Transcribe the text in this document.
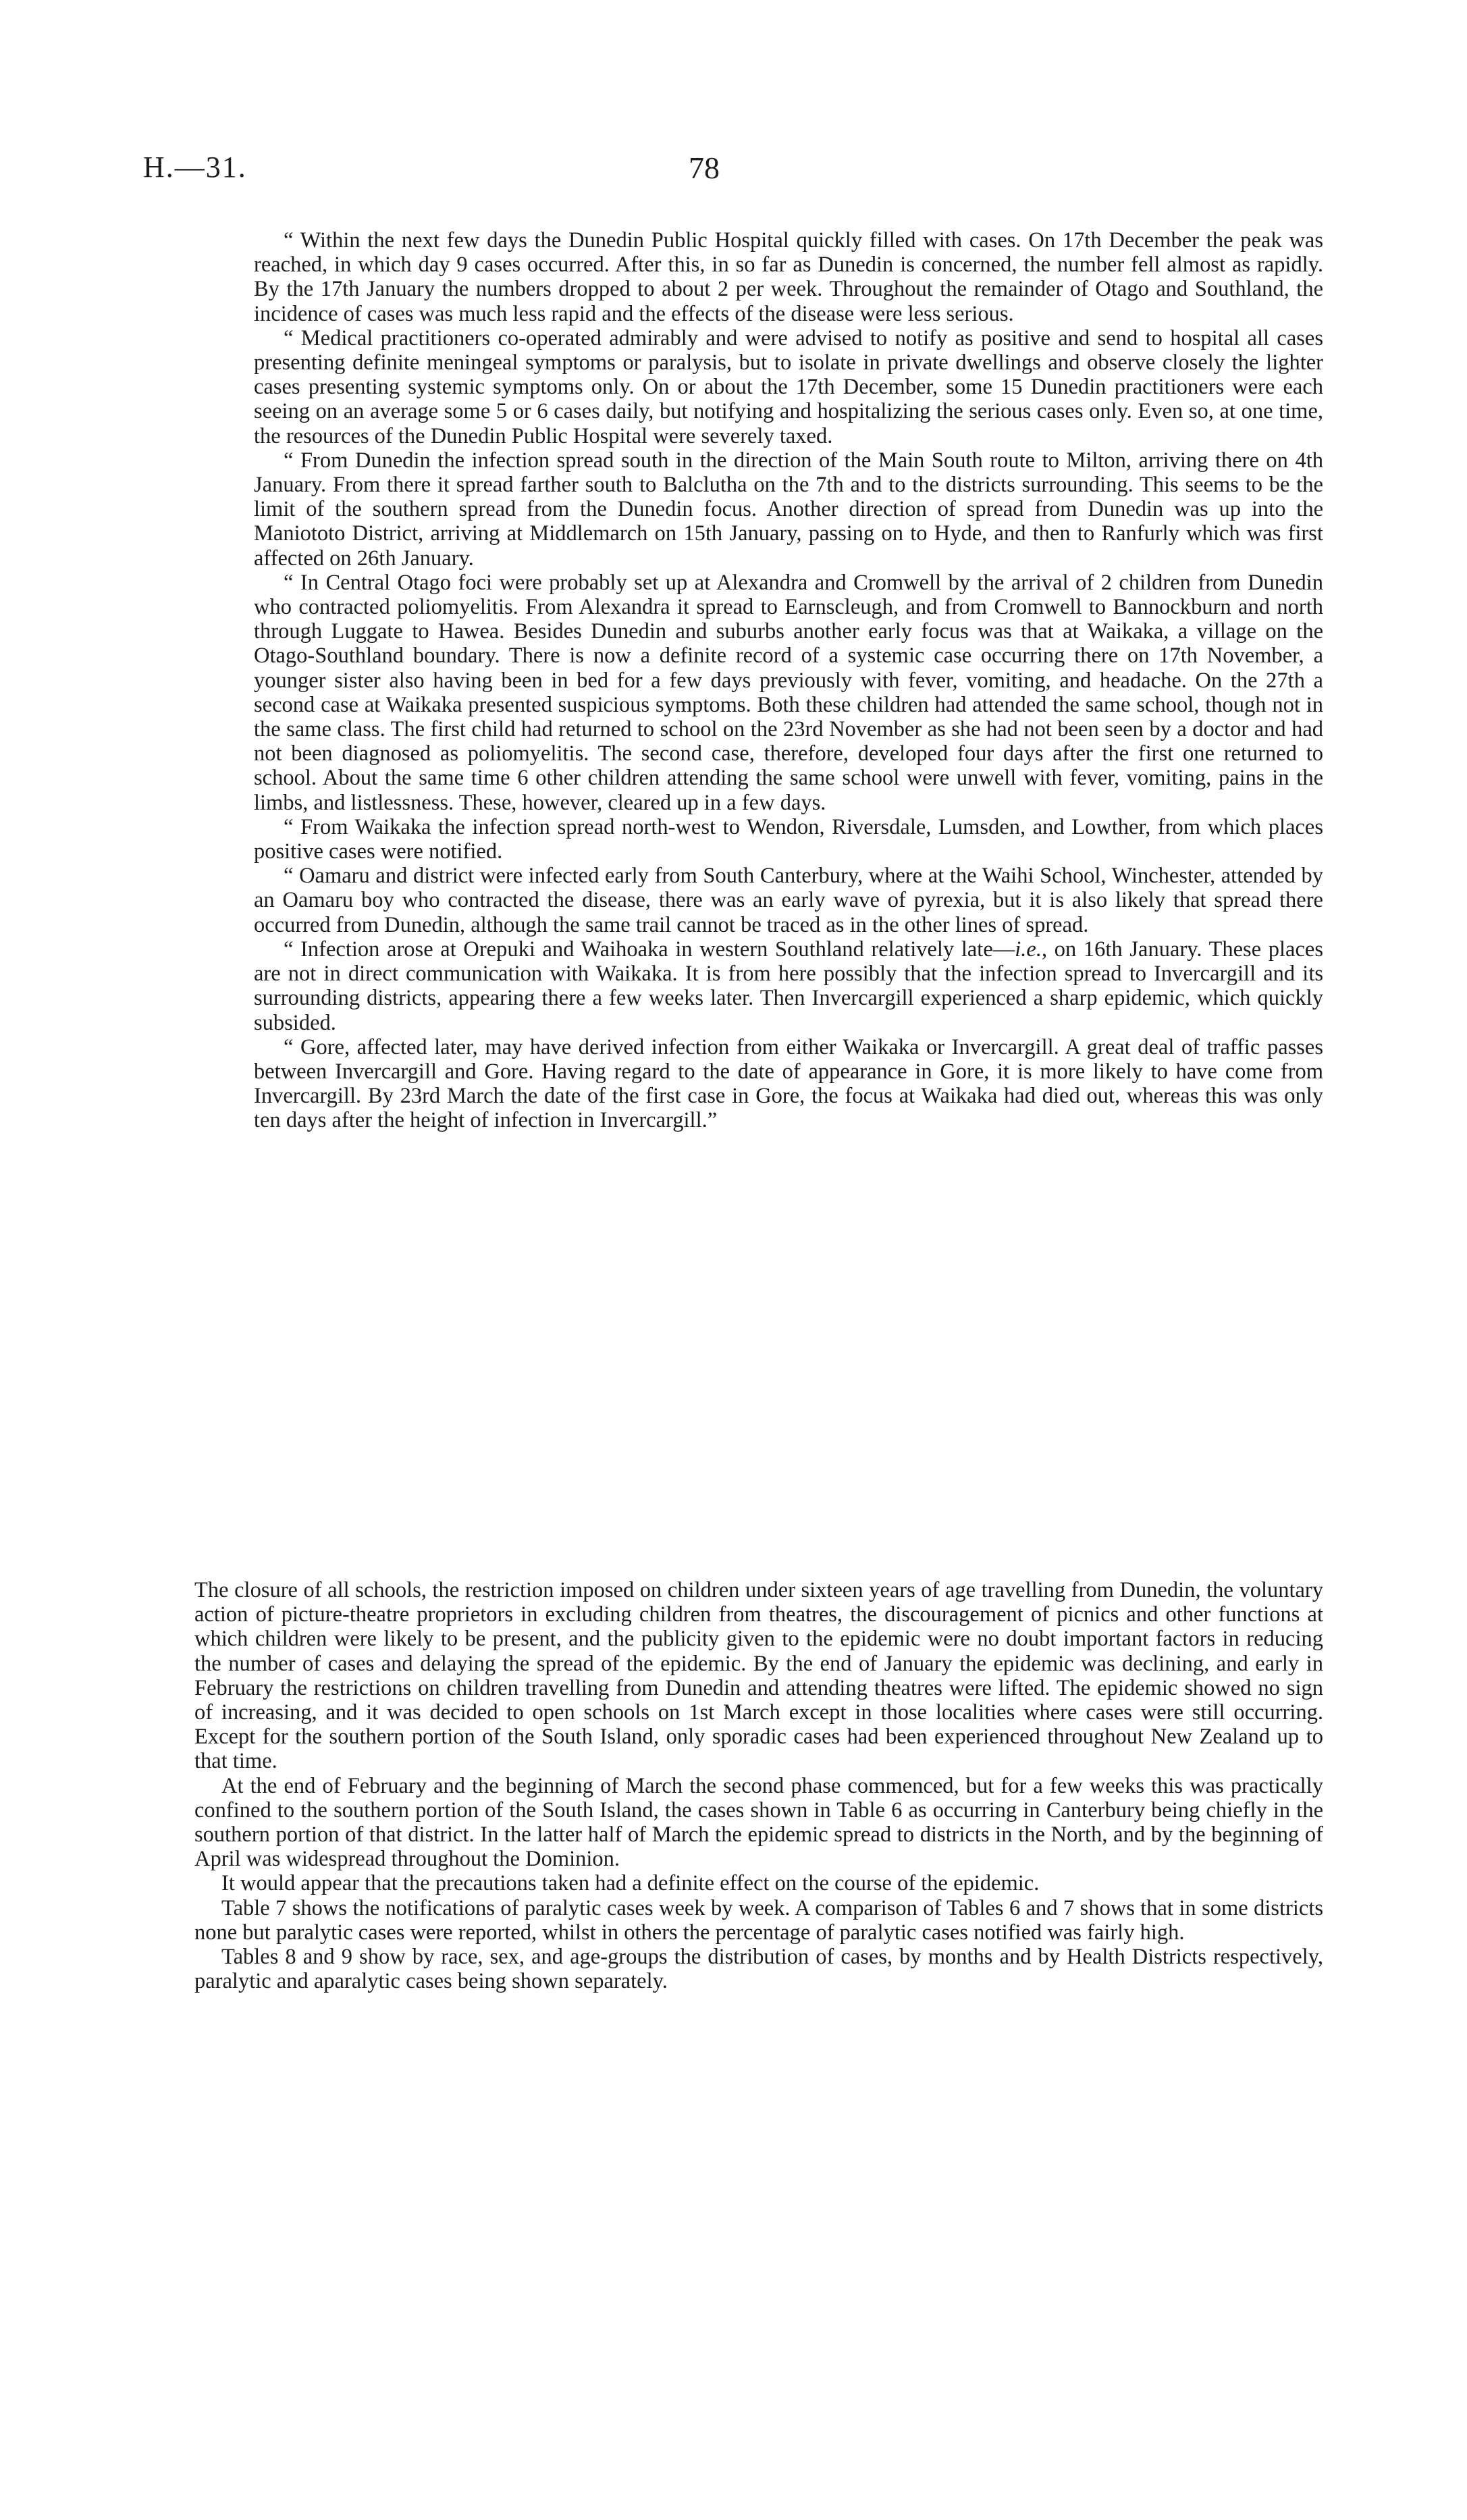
H.—31.	78

“ Within the next few days the Dunedin Public Hospital quickly filled with cases. On 17th December the peak was reached, in which day 9 cases occurred. After this, in so far as Dunedin is concerned, the number fell almost as rapidly. By the 17th January the numbers dropped to about 2 per week. Throughout the remainder of Otago and Southland, the incidence of cases was much less rapid and the effects of the disease were less serious.

“ Medical practitioners co-operated admirably and were advised to notify as positive and send to hospital all cases presenting definite meningeal symptoms or paralysis, but to isolate in private dwellings and observe closely the lighter cases presenting systemic symptoms only. On or about the 17th December, some 15 Dunedin practitioners were each seeing on an average some 5 or 6 cases daily, but notifying and hospitalizing the serious cases only. Even so, at one time, the resources of the Dunedin Public Hospital were severely taxed.

“ From Dunedin the infection spread south in the direction of the Main South route to Milton, arriving there on 4th January. From there it spread farther south to Balclutha on the 7th and to the districts surrounding. This seems to be the limit of the southern spread from the Dunedin focus. Another direction of spread from Dunedin was up into the Maniototo District, arriving at Middlemarch on 15th January, passing on to Hyde, and then to Ranfurly which was first affected on 26th January.

“ In Central Otago foci were probably set up at Alexandra and Cromwell by the arrival of 2 children from Dunedin who contracted poliomyelitis. From Alexandra it spread to Earnscleugh, and from Cromwell to Bannockburn and north through Luggate to Hawea. Besides Dunedin and suburbs another early focus was that at Waikaka, a village on the Otago-Southland boundary. There is now a definite record of a systemic case occurring there on 17th November, a younger sister also having been in bed for a few days previously with fever, vomiting, and headache. On the 27th a second case at Waikaka presented suspicious symptoms. Both these children had attended the same school, though not in the same class. The first child had returned to school on the 23rd November as she had not been seen by a doctor and had not been diagnosed as poliomyelitis. The second case, therefore, developed four days after the first one returned to school. About the same time 6 other children attending the same school were unwell with fever, vomiting, pains in the limbs, and listlessness. These, however, cleared up in a few days.

“ From Waikaka the infection spread north-west to Wendon, Riversdale, Lumsden, and Lowther, from which places positive cases were notified.

“ Oamaru and district were infected early from South Canterbury, where at the Waihi School, Winchester, attended by an Oamaru boy who contracted the disease, there was an early wave of pyrexia, but it is also likely that spread there occurred from Dunedin, although the same trail cannot be traced as in the other lines of spread.

“ Infection arose at Orepuki and Waihoaka in western Southland relatively late—i.e., on 16th January. These places are not in direct communication with Waikaka. It is from here possibly that the infection spread to Invercargill and its surrounding districts, appearing there a few weeks later. Then Invercargill experienced a sharp epidemic, which quickly subsided.

“ Gore, affected later, may have derived infection from either Waikaka or Invercargill. A great deal of traffic passes between Invercargill and Gore. Having regard to the date of appearance in Gore, it is more likely to have come from Invercargill. By 23rd March the date of the first case in Gore, the focus at Waikaka had died out, whereas this was only ten days after the height of infection in Invercargill.”

The closure of all schools, the restriction imposed on children under sixteen years of age travelling from Dunedin, the voluntary action of picture-theatre proprietors in excluding children from theatres, the discouragement of picnics and other functions at which children were likely to be present, and the publicity given to the epidemic were no doubt important factors in reducing the number of cases and delaying the spread of the epidemic. By the end of January the epidemic was declining, and early in February the restrictions on children travelling from Dunedin and attending theatres were lifted. The epidemic showed no sign of increasing, and it was decided to open schools on 1st March except in those localities where cases were still occurring. Except for the southern portion of the South Island, only sporadic cases had been experienced throughout New Zealand up to that time.

At the end of February and the beginning of March the second phase commenced, but for a few weeks this was practically confined to the southern portion of the South Island, the cases shown in Table 6 as occurring in Canterbury being chiefly in the southern portion of that district. In the latter half of March the epidemic spread to districts in the North, and by the beginning of April was widespread throughout the Dominion.

It would appear that the precautions taken had a definite effect on the course of the epidemic.

Table 7 shows the notifications of paralytic cases week by week. A comparison of Tables 6 and 7 shows that in some districts none but paralytic cases were reported, whilst in others the percentage of paralytic cases notified was fairly high.

Tables 8 and 9 show by race, sex, and age-groups the distribution of cases, by months and by Health Districts respectively, paralytic and aparalytic cases being shown separately.
